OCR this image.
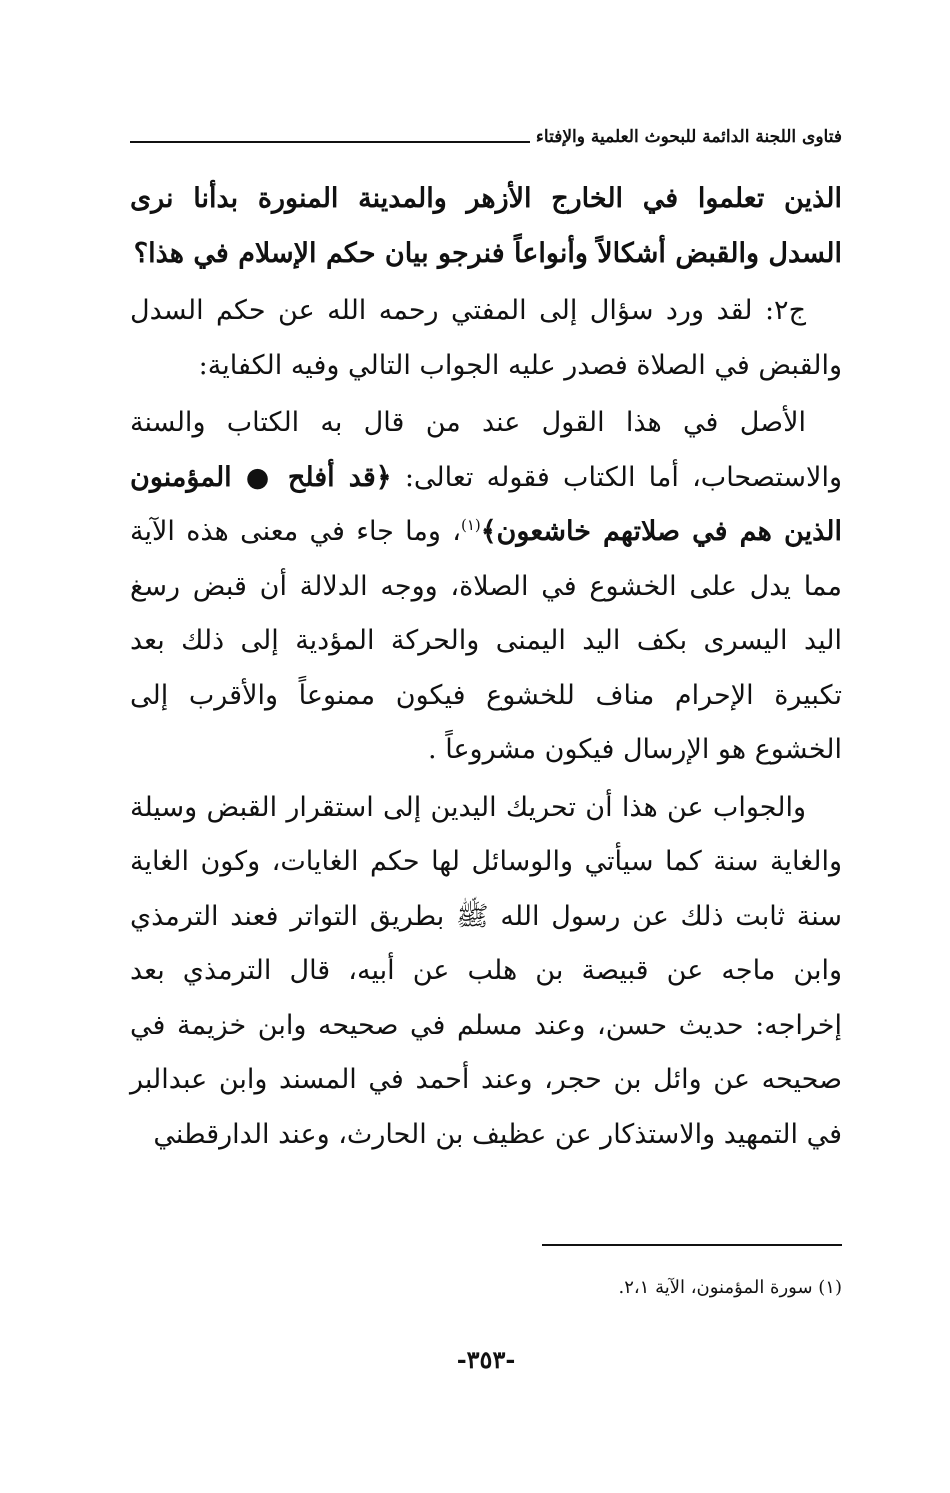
فتاوى اللجنة الدائمة للبحوث العلمية والإفتاء

الذين تعلموا في الخارج الأزهر والمدينة المنورة بدأنا نرى السدل والقبض أشكالاً وأنواعاً فنرجو بيان حكم الإسلام في هذا؟

ج٢: لقد ورد سؤال إلى المفتي رحمه الله عن حكم السدل والقبض في الصلاة فصدر عليه الجواب التالي وفيه الكفاية:

الأصل في هذا القول عند من قال به الكتاب والسنة والاستصحاب، أما الكتاب فقوله تعالى: ﴿قد أفلح ● المؤمنون الذين هم في صلاتهم خاشعون﴾$^{(١)}$، وما جاء في معنى هذه الآية مما يدل على الخشوع في الصلاة، ووجه الدلالة أن قبض رسغ اليد اليسرى بكف اليد اليمنى والحركة المؤدية إلى ذلك بعد تكبيرة الإحرام مناف للخشوع فيكون ممنوعاً والأقرب إلى الخشوع هو الإرسال فيكون مشروعاً .

والجواب عن هذا أن تحريك اليدين إلى استقرار القبض وسيلة والغاية سنة كما سيأتي والوسائل لها حكم الغايات، وكون الغاية سنة ثابت ذلك عن رسول الله ﷺ بطريق التواتر فعند الترمذي وابن ماجه عن قبيصة بن هلب عن أبيه، قال الترمذي بعد إخراجه: حديث حسن، وعند مسلم في صحيحه وابن خزيمة في صحيحه عن وائل بن حجر، وعند أحمد في المسند وابن عبدالبر في التمهيد والاستذكار عن عظيف بن الحارث، وعند الدارقطني

(١) سورة المؤمنون، الآية ٢،١.

-٣٥٣-
